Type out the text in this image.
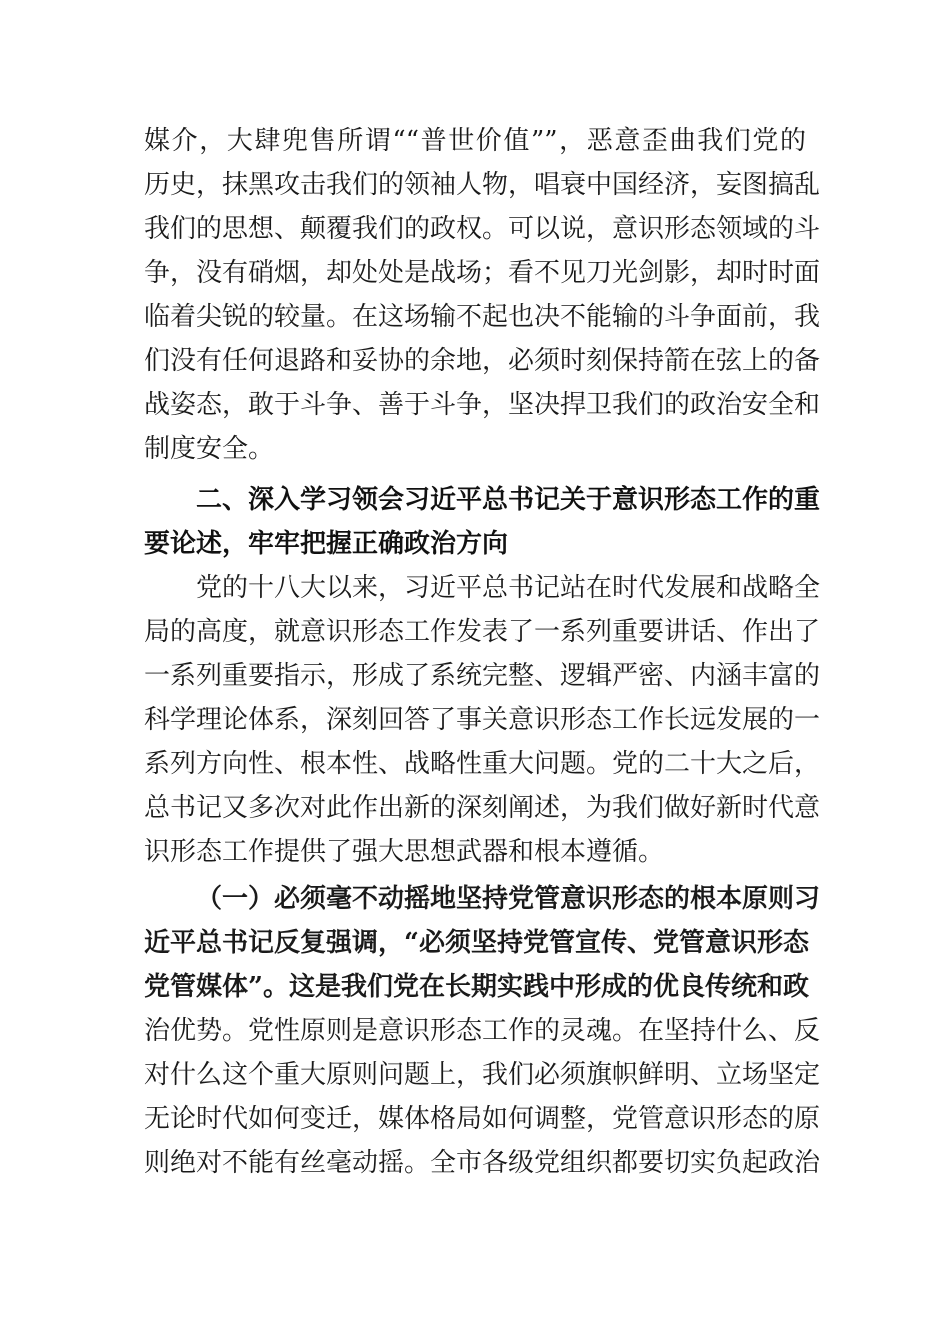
媒介，大肆兜售所谓““普世价值””，恶意歪曲我们党的
历史，抹黑攻击我们的领袖人物，唱衰中国经济，妄图搞乱
我们的思想、颠覆我们的政权。可以说，意识形态领域的斗
争，没有硝烟，却处处是战场；看不见刀光剑影，却时时面
临着尖锐的较量。在这场输不起也决不能输的斗争面前，我
们没有任何退路和妥协的余地，必须时刻保持箭在弦上的备
战姿态，敢于斗争、善于斗争，坚决捍卫我们的政治安全和
制度安全。
二、深入学习领会习近平总书记关于意识形态工作的重
要论述，牢牢把握正确政治方向
党的十八大以来，习近平总书记站在时代发展和战略全
局的高度，就意识形态工作发表了一系列重要讲话、作出了
一系列重要指示，形成了系统完整、逻辑严密、内涵丰富的
科学理论体系，深刻回答了事关意识形态工作长远发展的一
系列方向性、根本性、战略性重大问题。党的二十大之后，
总书记又多次对此作出新的深刻阐述，为我们做好新时代意
识形态工作提供了强大思想武器和根本遵循。
（一）必须毫不动摇地坚持党管意识形态的根本原则习
近平总书记反复强调，“必须坚持党管宣传、党管意识形态
党管媒体”。这是我们党在长期实践中形成的优良传统和政
治优势。党性原则是意识形态工作的灵魂。在坚持什么、反
对什么这个重大原则问题上，我们必须旗帜鲜明、立场坚定
无论时代如何变迁，媒体格局如何调整，党管意识形态的原
则绝对不能有丝毫动摇。全市各级党组织都要切实负起政治
